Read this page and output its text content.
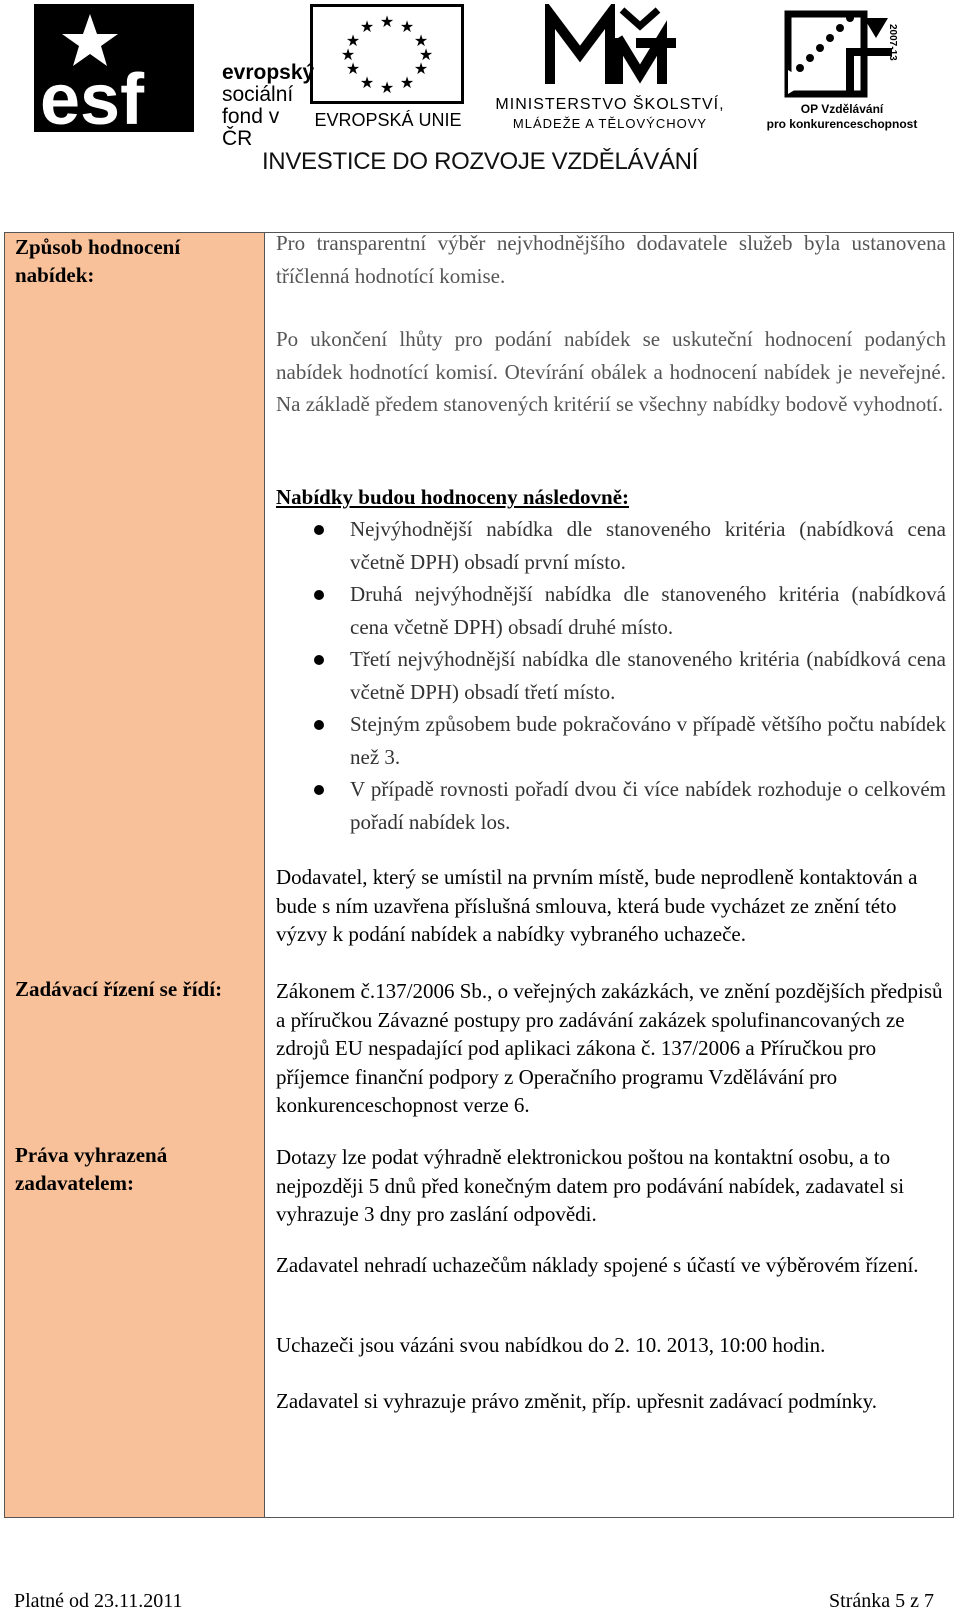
esf	evropský
sociální
fond v ČR
★ ★
★
★
★
★
★
★
★
★
★
★
EVROPSKÁ UNIE
MINISTERSTVO ŠKOLSTVÍ,
MLÁDEŽE A TĚLOVÝCHOVY
2007-13
OP Vzdělávání
pro konkurenceschopnost
INVESTICE DO ROZVOJE VZDĚLÁVÁNÍ
Způsob hodnocení nabídek:
Zadávací řízení se řídí:
Práva vyhrazená zadavatelem:
Pro transparentní výběr nejvhodnějšího dodavatele služeb byla ustanovena tříčlenná hodnotící komise.
Po ukončení lhůty pro podání nabídek se uskuteční hodnocení podaných nabídek hodnotící komisí. Otevírání obálek a hodnocení nabídek je neveřejné. Na základě předem stanovených kritérií se všechny nabídky bodově vyhodnotí.
Nabídky budou hodnoceny následovně:
Nejvýhodnější nabídka dle stanoveného kritéria (nabídková cena včetně DPH) obsadí první místo.
Druhá nejvýhodnější nabídka dle stanoveného kritéria (nabídková cena včetně DPH) obsadí druhé místo.
Třetí nejvýhodnější nabídka dle stanoveného kritéria (nabídková cena včetně DPH) obsadí třetí místo.
Stejným způsobem bude pokračováno v případě většího počtu nabídek než 3.
V případě rovnosti pořadí dvou či více nabídek rozhoduje o celkovém pořadí nabídek los.
Dodavatel, který se umístil na prvním místě, bude neprodleně kontaktován a bude s ním uzavřena příslušná smlouva, která bude vycházet ze znění této výzvy k podání nabídek a nabídky vybraného uchazeče.
Zákonem č.137/2006 Sb., o veřejných zakázkách, ve znění pozdějších předpisů a příručkou Závazné postupy pro zadávání zakázek spolufinancovaných ze zdrojů EU nespadající pod aplikaci zákona č. 137/2006 a Příručkou pro příjemce finanční podpory z Operačního programu Vzdělávání pro konkurenceschopnost verze 6.
Dotazy lze podat výhradně elektronickou poštou na kontaktní osobu, a to nejpozději 5 dnů před konečným datem pro podávání nabídek, zadavatel si vyhrazuje 3 dny pro zaslání odpovědi.
Zadavatel nehradí uchazečům náklady spojené s účastí ve výběrovém řízení.
Uchazeči jsou vázáni svou nabídkou do 2. 10. 2013, 10:00 hodin.
Zadavatel si vyhrazuje právo změnit, příp. upřesnit zadávací podmínky.
Platné od 23.11.2011	Stránka 5 z 7
